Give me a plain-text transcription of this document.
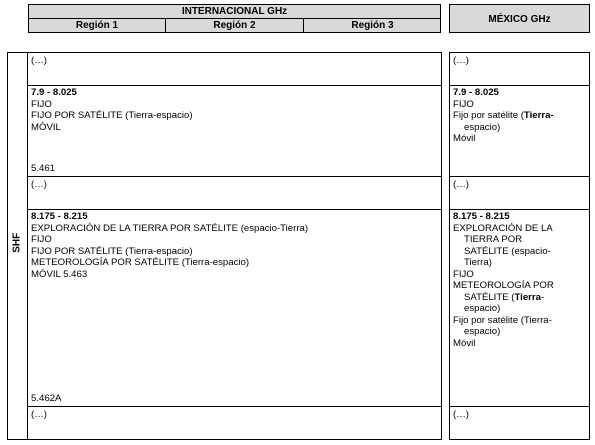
INTERNACIONAL GHz
Región 1	Región 2	Región 3
MÉXICO GHz
SHF
(…)
7.9 - 8.025
FIJO
FIJO POR SATÉLITE (Tierra-espacio)
MÓVIL
5.461
(…)
8.175 - 8.215
EXPLORACIÓN DE LA TIERRA POR SATÉLITE (espacio-Tierra)
FIJO
FIJO POR SATÉLITE (Tierra-espacio)
METEOROLOGÍA POR SATÉLITE (Tierra-espacio)
MÓVIL 5.463
5.462A
(…)
(…)
7.9 - 8.025
FIJO
Fijo por satélite (Tierra-
espacio)
Móvil
(…)
8.175 - 8.215
EXPLORACIÓN DE LA
TIERRA POR
SATÉLITE (espacio-
Tierra)
FIJO
METEOROLOGÍA POR
SATÉLITE (Tierra-
espacio)
Fijo por satélite (Tierra-
espacio)
Móvil
(…)
